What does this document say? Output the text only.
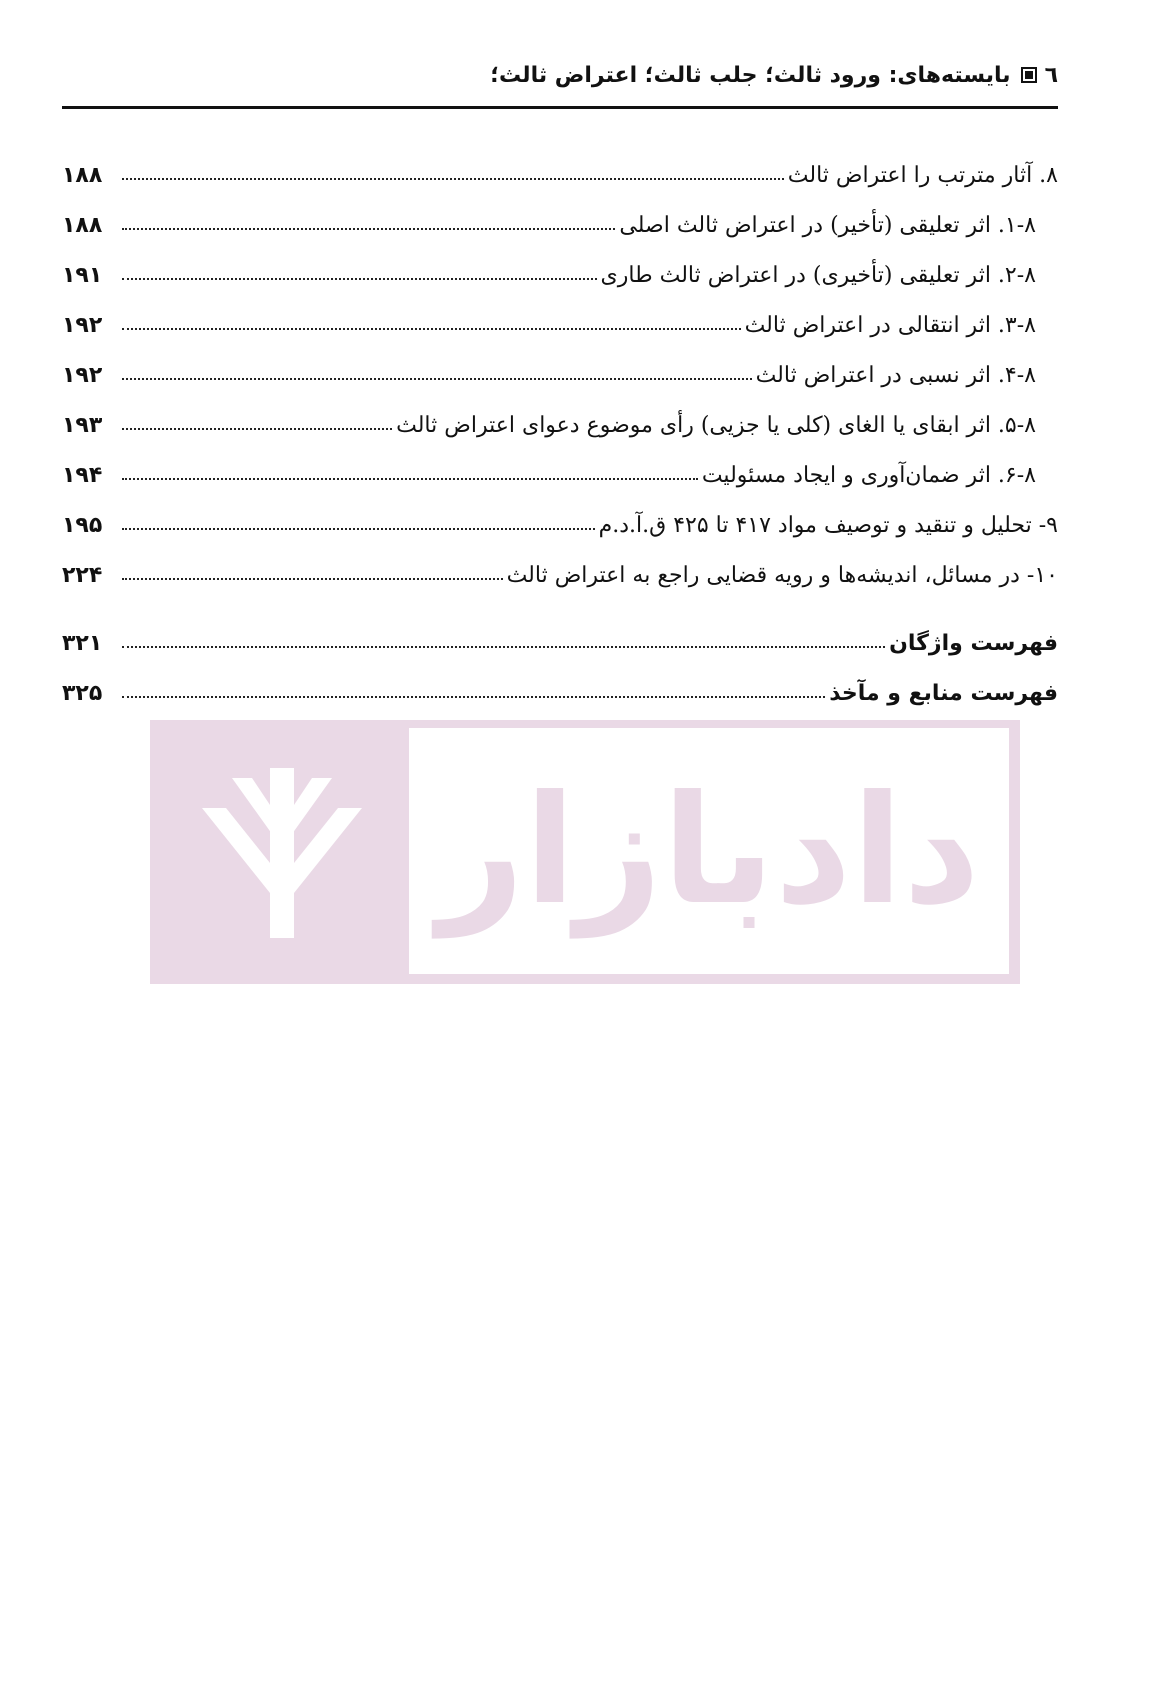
٦
بایسته‌های: ورود ثالث؛ جلب ثالث؛ اعتراض ثالث؛
۸. آثار مترتب را اعتراض ثالث
۱۸۸
۱-۸. اثر تعلیقی (تأخیر) در اعتراض ثالث اصلی
۱۸۸
۲-۸. اثر تعلیقی (تأخیری) در اعتراض ثالث طاری
۱۹۱
۳-۸. اثر انتقالی در اعتراض ثالث
۱۹۲
۴-۸. اثر نسبی در اعتراض ثالث
۱۹۲
۵-۸. اثر ابقای یا الغای (کلی یا جزیی) رأی موضوع دعوای اعتراض ثالث
۱۹۳
۶-۸. اثر ضمان‌آوری و ایجاد مسئولیت
۱۹۴
۹- تحلیل و تنقید و توصیف مواد ۴۱۷ تا ۴۲۵ ق.آ.د.م
۱۹۵
۱۰- در مسائل، اندیشه‌ها و رویه قضایی راجع به اعتراض ثالث
۲۲۴
فهرست واژگان
۳۲۱
فهرست منابع و مآخذ
۳۲۵
دادبازار
